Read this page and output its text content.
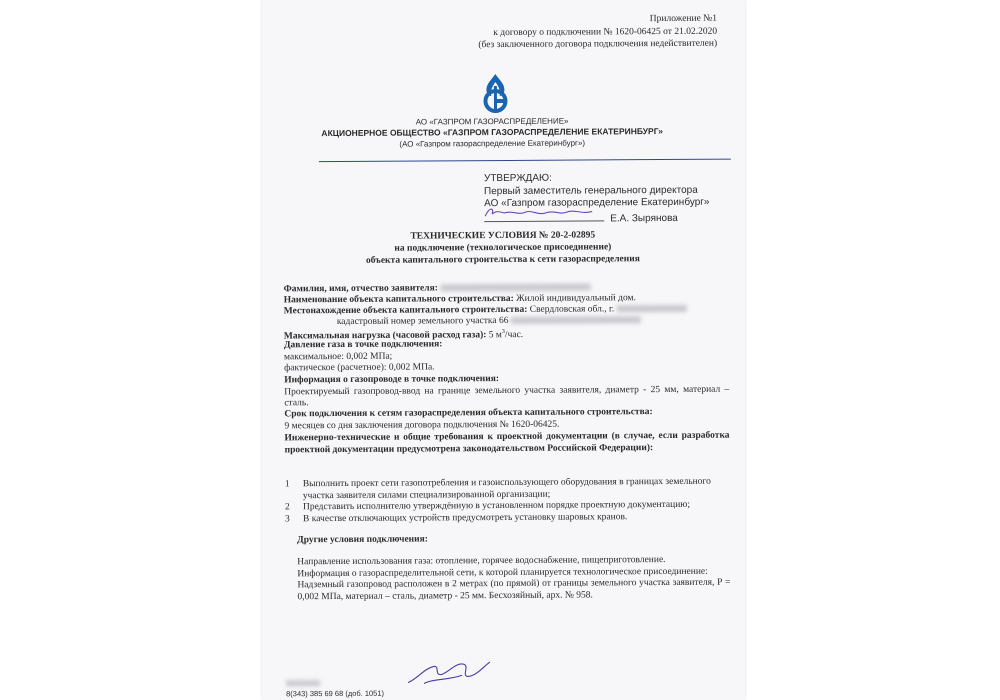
Приложение №1
к договору о подключении № 1620-06425 от 21.02.2020
(без заключенного договора подключения недействителен)
АО «ГАЗПРОМ ГАЗОРАСПРЕДЕЛЕНИЕ»
АКЦИОНЕРНОЕ ОБЩЕСТВО «ГАЗПРОМ ГАЗОРАСПРЕДЕЛЕНИЕ ЕКАТЕРИНБУРГ»
(АО «Газпром газораспределение Екатеринбург»)
УТВЕРЖДАЮ:
Первый заместитель генерального директора
АО «Газпром газораспределение Екатеринбург»
Е.А. Зырянова
ТЕХНИЧЕСКИЕ УСЛОВИЯ № 20-2-02895
на подключение (технологическое присоединение)
объекта капитального строительства к сети газораспределения
Фамилия, имя, отчество заявителя:
Наименование объекта капитального строительства: Жилой индивидуальный дом.
Местонахождение объекта капитального строительства: Свердловская обл., г.
кадастровый номер земельного участка 66
Максимальная нагрузка (часовой расход газа): 5 $м^3$/час.
Давление газа в точке подключения:
максимальное: 0,002 МПа;
фактическое (расчетное): 0,002 МПа.
Информация о газопроводе в точке подключения:
Проектируемый газопровод-ввод на границе земельного участка заявителя, диаметр - 25 мм, материал – сталь.
Срок подключения к сетям газораспределения объекта капитального строительства:
9 месяцев со дня заключения договора подключения № 1620-06425.
Инженерно-технические и общие требования к проектной документации (в случае, если разработка проектной документации предусмотрена законодательством Российской Федерации):
1	Выполнить проект сети газопотребления и газоиспользующего оборудования в границах земельного участка заявителя силами специализированной организации;
2	Представить исполнителю утверждённую в установленном порядке проектную документацию;
3	В качестве отключающих устройств предусмотреть установку шаровых кранов.
Другие условия подключения:
Направление использования газа: отопление, горячее водоснабжение, пищеприготовление.
Информация о газораспределительной сети, к которой планируется технологическое присоединение:
Надземный газопровод расположен в 2 метрах (по прямой) от границы земельного участка заявителя, Р = 0,002 МПа, материал – сталь, диаметр - 25 мм. Бесхозяйный, арх. № 958.

8(343) 385 69 68 (доб. 1051)
